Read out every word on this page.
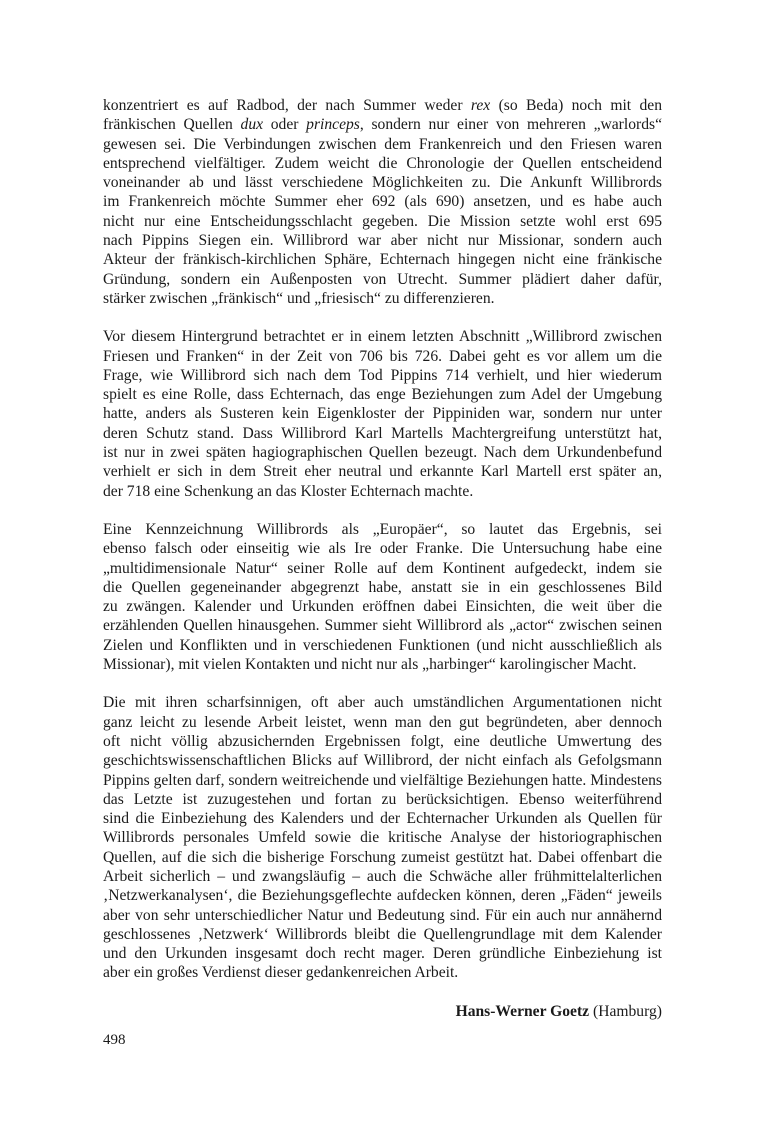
konzentriert es auf Radbod, der nach Summer weder rex (so Beda) noch mit den
fränkischen Quellen dux oder princeps, sondern nur einer von mehreren „warlords“
gewesen sei. Die Verbindungen zwischen dem Frankenreich und den Friesen waren
entsprechend vielfältiger. Zudem weicht die Chronologie der Quellen entscheidend
voneinander ab und lässt verschiedene Möglichkeiten zu. Die Ankunft Willibrords
im Frankenreich möchte Summer eher 692 (als 690) ansetzen, und es habe auch
nicht nur eine Entscheidungsschlacht gegeben. Die Mission setzte wohl erst 695
nach Pippins Siegen ein. Willibrord war aber nicht nur Missionar, sondern auch
Akteur der fränkisch-kirchlichen Sphäre, Echternach hingegen nicht eine fränkische
Gründung, sondern ein Außenposten von Utrecht. Summer plädiert daher dafür,
stärker zwischen „fränkisch“ und „friesisch“ zu differenzieren.
Vor diesem Hintergrund betrachtet er in einem letzten Abschnitt „Willibrord zwischen
Friesen und Franken“ in der Zeit von 706 bis 726. Dabei geht es vor allem um die
Frage, wie Willibrord sich nach dem Tod Pippins 714 verhielt, und hier wiederum
spielt es eine Rolle, dass Echternach, das enge Beziehungen zum Adel der Umgebung
hatte, anders als Susteren kein Eigenkloster der Pippiniden war, sondern nur unter
deren Schutz stand. Dass Willibrord Karl Martells Machtergreifung unterstützt hat,
ist nur in zwei späten hagiographischen Quellen bezeugt. Nach dem Urkundenbefund
verhielt er sich in dem Streit eher neutral und erkannte Karl Martell erst später an,
der 718 eine Schenkung an das Kloster Echternach machte.
Eine Kennzeichnung Willibrords als „Europäer“, so lautet das Ergebnis, sei
ebenso falsch oder einseitig wie als Ire oder Franke. Die Untersuchung habe eine
„multidimensionale Natur“ seiner Rolle auf dem Kontinent aufgedeckt, indem sie
die Quellen gegeneinander abgegrenzt habe, anstatt sie in ein geschlossenes Bild
zu zwängen. Kalender und Urkunden eröffnen dabei Einsichten, die weit über die
erzählenden Quellen hinausgehen. Summer sieht Willibrord als „actor“ zwischen seinen
Zielen und Konflikten und in verschiedenen Funktionen (und nicht ausschließlich als
Missionar), mit vielen Kontakten und nicht nur als „harbinger“ karolingischer Macht.
Die mit ihren scharfsinnigen, oft aber auch umständlichen Argumentationen nicht
ganz leicht zu lesende Arbeit leistet, wenn man den gut begründeten, aber dennoch
oft nicht völlig abzusichernden Ergebnissen folgt, eine deutliche Umwertung des
geschichtswissenschaftlichen Blicks auf Willibrord, der nicht einfach als Gefolgsmann
Pippins gelten darf, sondern weitreichende und vielfältige Beziehungen hatte. Mindestens
das Letzte ist zuzugestehen und fortan zu berücksichtigen. Ebenso weiterführend
sind die Einbeziehung des Kalenders und der Echternacher Urkunden als Quellen für
Willibrords personales Umfeld sowie die kritische Analyse der historiographischen
Quellen, auf die sich die bisherige Forschung zumeist gestützt hat. Dabei offenbart die
Arbeit sicherlich – und zwangsläufig – auch die Schwäche aller frühmittelalterlichen
‚Netzwerkanalysen‘, die Beziehungsgeflechte aufdecken können, deren „Fäden“ jeweils
aber von sehr unterschiedlicher Natur und Bedeutung sind. Für ein auch nur annähernd
geschlossenes ‚Netzwerk‘ Willibrords bleibt die Quellengrundlage mit dem Kalender
und den Urkunden insgesamt doch recht mager. Deren gründliche Einbeziehung ist
aber ein großes Verdienst dieser gedankenreichen Arbeit.
Hans-Werner Goetz (Hamburg)
498
